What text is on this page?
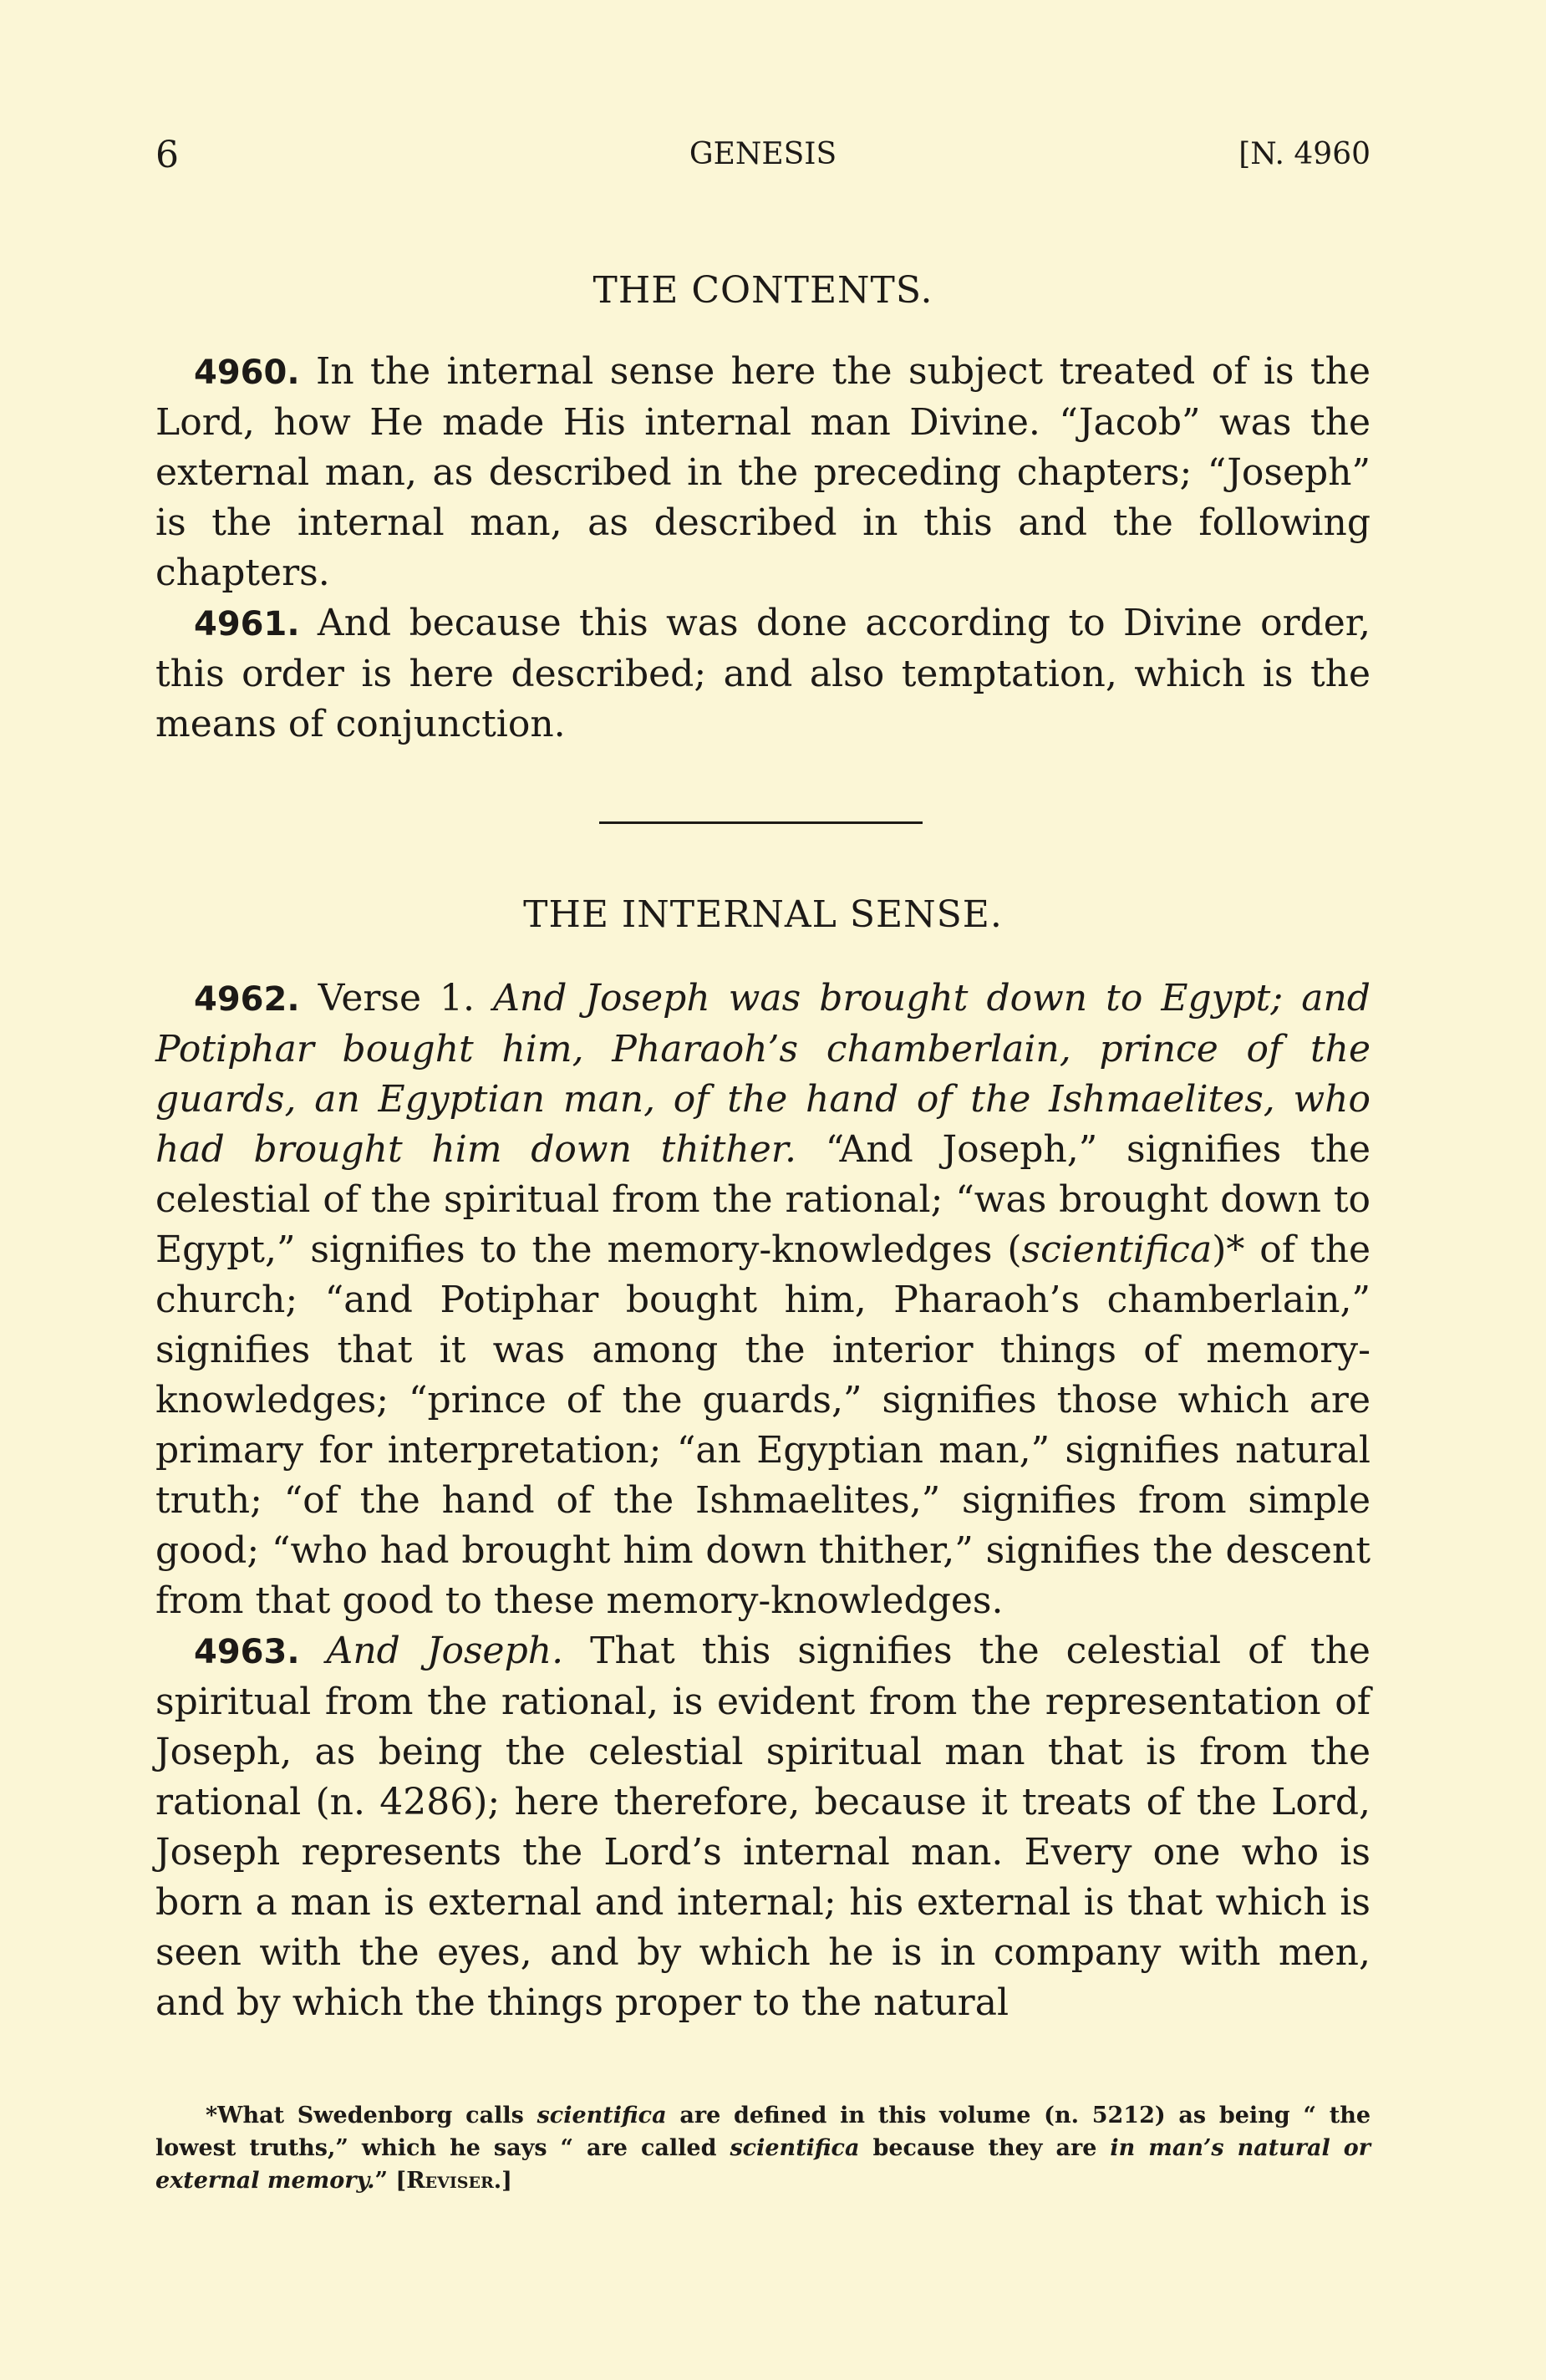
6	GENESIS	[N. 4960
THE CONTENTS.

4960. In the internal sense here the subject treated of is the Lord, how He made His internal man Divine. “Jacob” was the external man, as described in the preceding chapters; “Joseph” is the internal man, as described in this and the following chapters.

4961. And because this was done according to Divine order, this order is here described; and also temptation, which is the means of conjunction.

THE INTERNAL SENSE.

4962. Verse 1. And Joseph was brought down to Egypt; and Potiphar bought him, Pharaoh’s chamberlain, prince of the guards, an Egyptian man, of the hand of the Ishmaelites, who had brought him down thither. “And Joseph,” signifies the celestial of the spiritual from the rational; “was brought down to Egypt,” signifies to the memory-knowledges (scientifica)* of the church; “and Potiphar bought him, Pharaoh’s chamberlain,” signifies that it was among the interior things of memory-knowledges; “prince of the guards,” signifies those which are primary for interpretation; “an Egyptian man,” signifies natural truth; “of the hand of the Ishmaelites,” signifies from simple good; “who had brought him down thither,” signifies the descent from that good to these memory-knowledges.

4963. And Joseph. That this signifies the celestial of the spiritual from the rational, is evident from the representation of Joseph, as being the celestial spiritual man that is from the rational (n. 4286); here therefore, because it treats of the Lord, Joseph represents the Lord’s internal man. Every one who is born a man is external and internal; his external is that which is seen with the eyes, and by which he is in company with men, and by which the things proper to the natural

*What Swedenborg calls scientifica are defined in this volume (n. 5212) as being “ the lowest truths,” which he says “ are called scientifica because they are in man’s natural or external memory.” [Reviser.]
